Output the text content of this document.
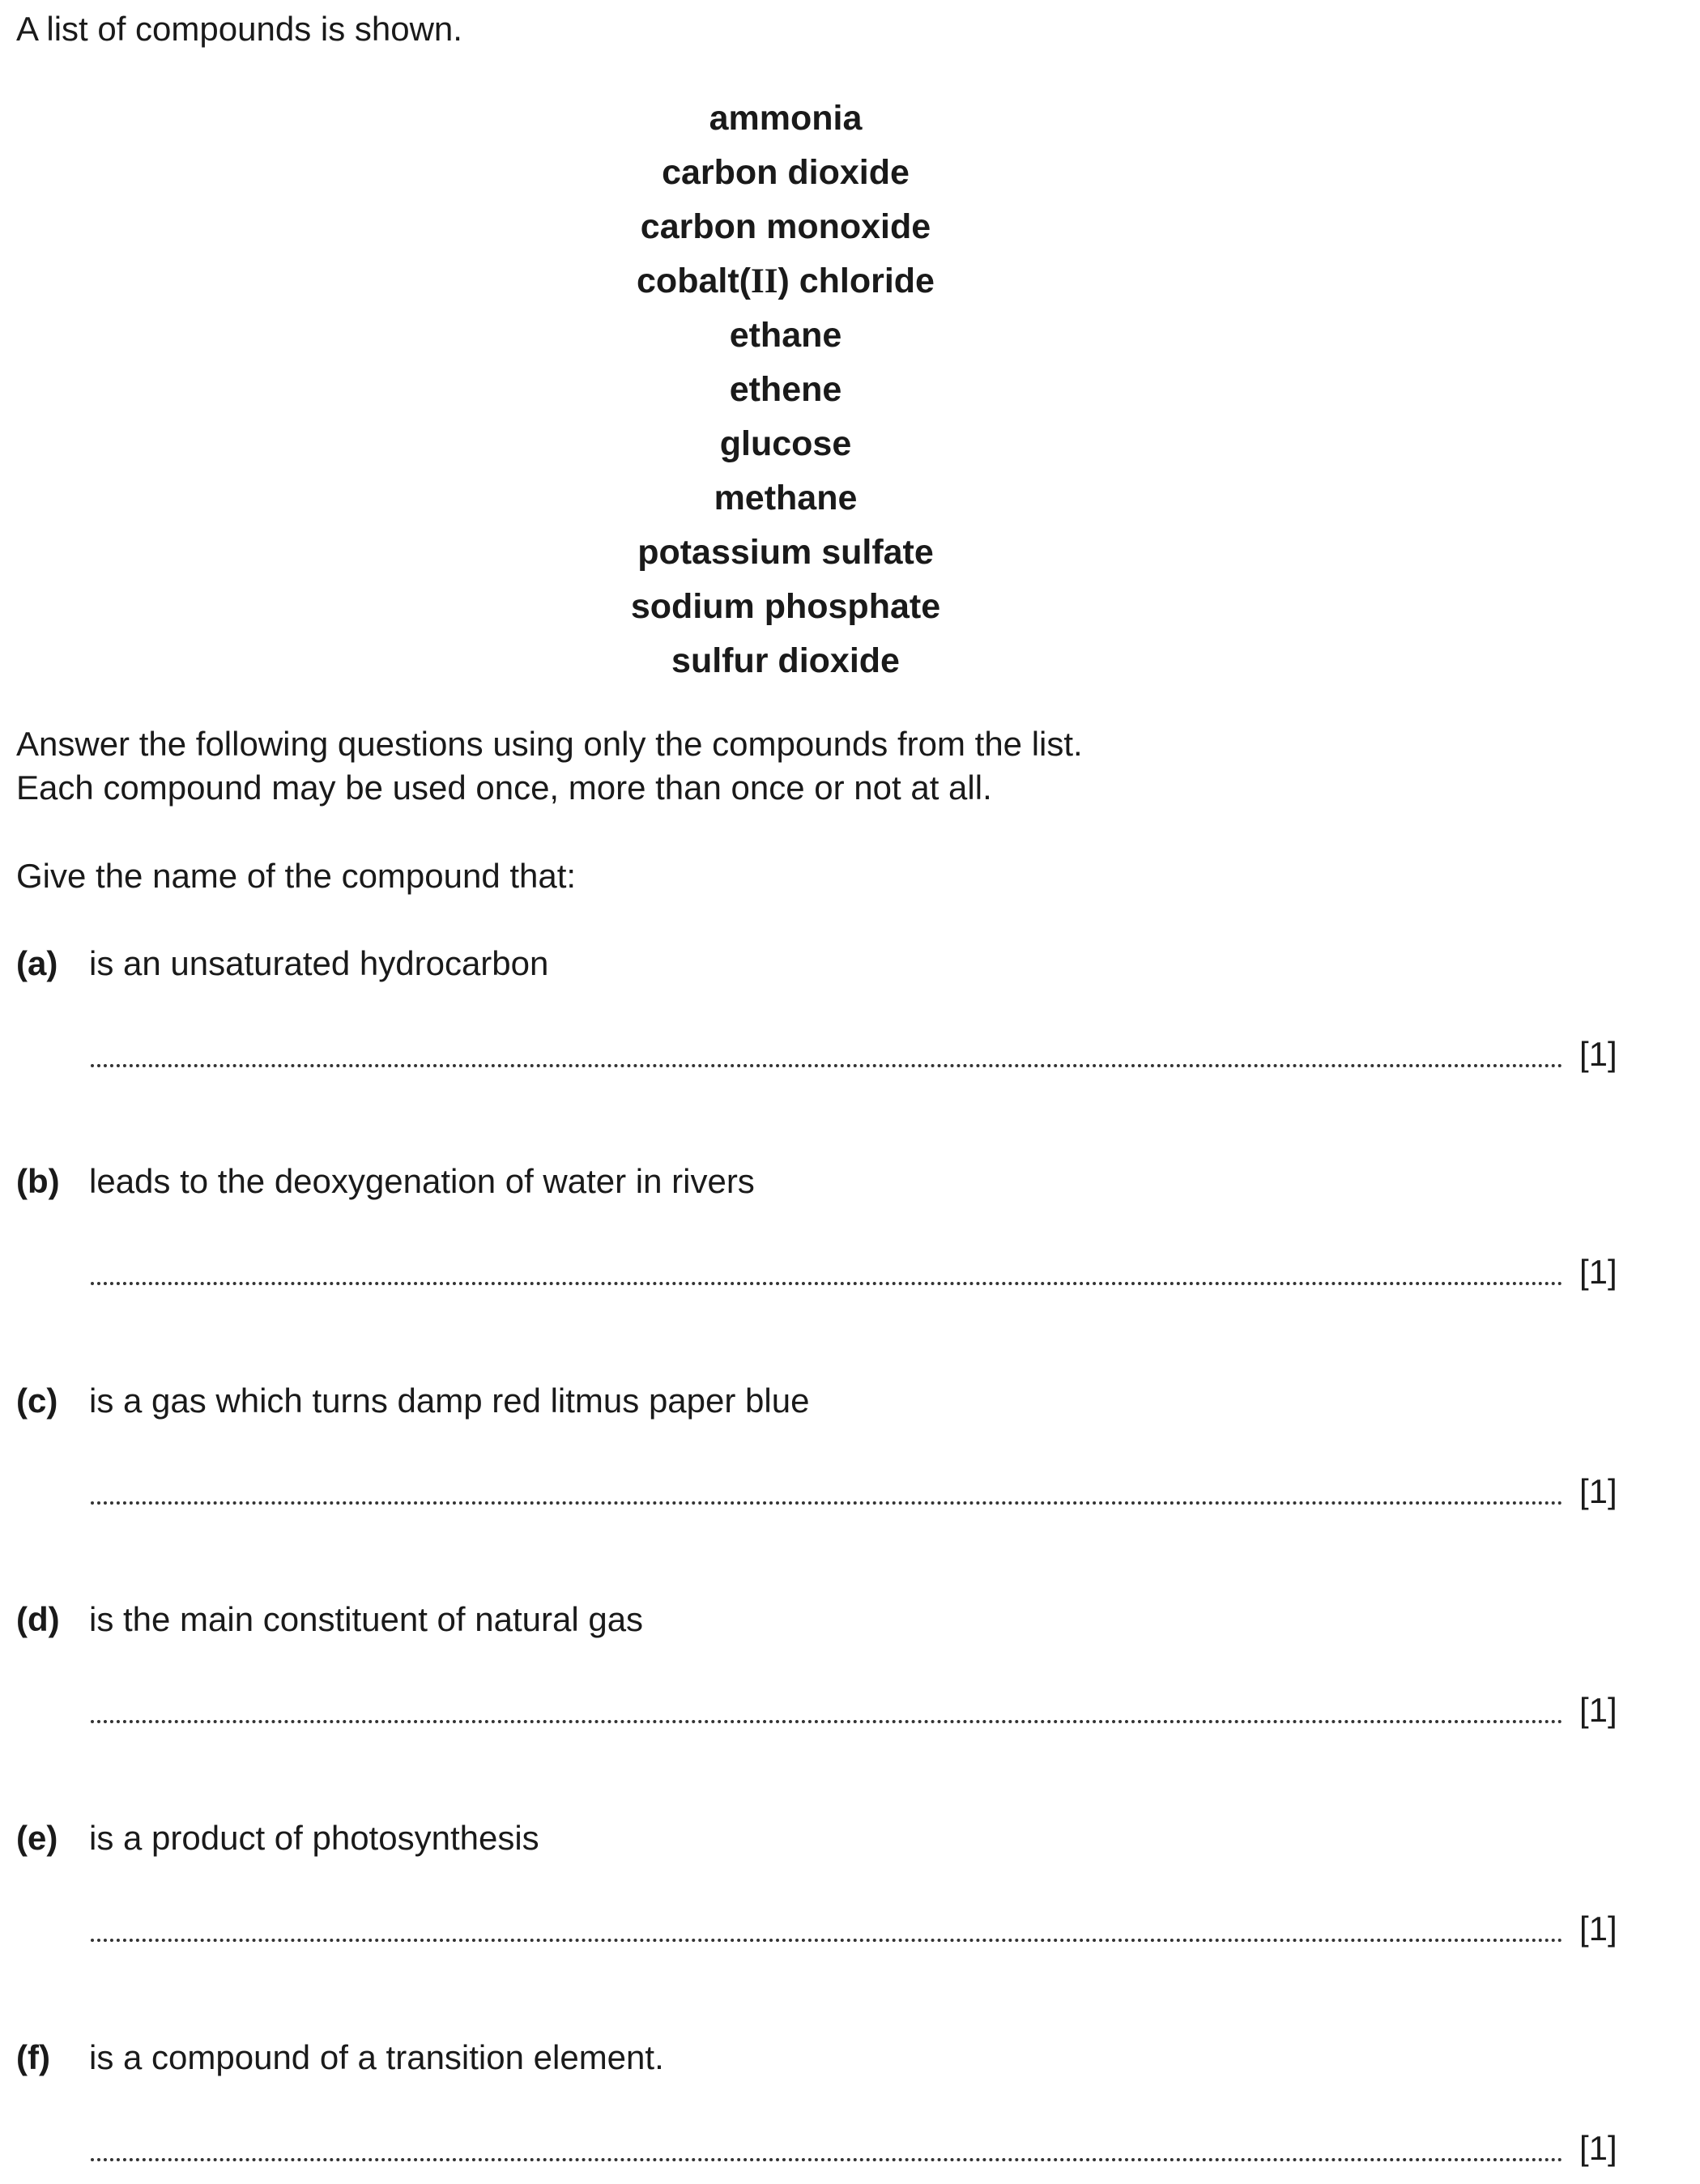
A list of compounds is shown.

ammonia
carbon dioxide
carbon monoxide
cobalt(II) chloride
ethane
ethene
glucose
methane
potassium sulfate
sodium phosphate
sulfur dioxide
Answer the following questions using only the compounds from the list.
Each compound may be used once, more than once or not at all.

Give the name of the compound that:

(a) is an unsaturated hydrocarbon
[1]
(b) leads to the deoxygenation of water in rivers
[1]
(c) is a gas which turns damp red litmus paper blue
[1]
(d) is the main constituent of natural gas
[1]
(e) is a product of photosynthesis
[1]
(f) is a compound of a transition element.
[1]
